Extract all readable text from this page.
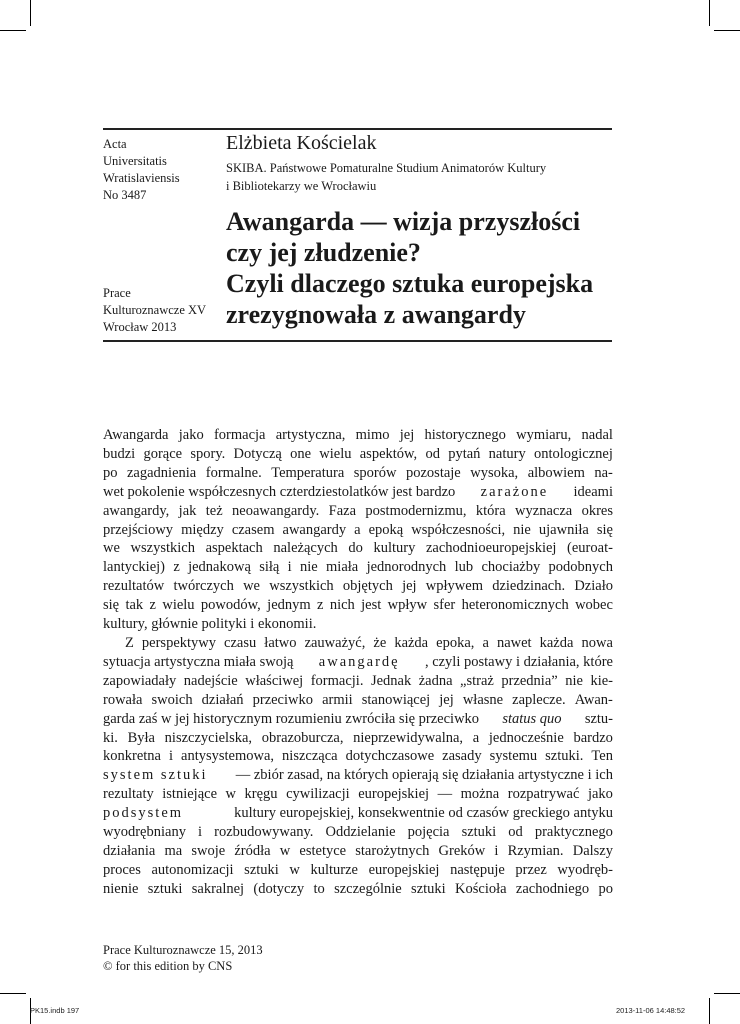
Acta
Universitatis
Wratislaviensis
No 3487
Prace
Kulturoznawcze XV
Wrocław 2013
Elżbieta Kościelak
SKIBA. Państwowe Pomaturalne Studium Animatorów Kultury
i Bibliotekarzy we Wrocławiu
Awangarda — wizja przyszłości
czy jej złudzenie?
Czyli dlaczego sztuka europejska
zrezygnowała z awangardy
Awangarda jako formacja artystyczna, mimo jej historycznego wymiaru, nadal
budzi gorące spory. Dotyczą one wielu aspektów, od pytań natury ontologicznej
po zagadnienia formalne. Temperatura sporów pozostaje wysoka, albowiem na-
wet pokolenie współczesnych czterdziestolatków jest bardzo zarażone ideami
awangardy, jak też neoawangardy. Faza postmodernizmu, która wyznacza okres
przejściowy między czasem awangardy a epoką współczesności, nie ujawniła się
we wszystkich aspektach należących do kultury zachodnioeuropejskiej (euroat-
lantyckiej) z jednakową siłą i nie miała jednorodnych lub chociażby podobnych
rezultatów twórczych we wszystkich objętych jej wpływem dziedzinach. Działo
się tak z wielu powodów, jednym z nich jest wpływ sfer heteronomicznych wobec
kultury, głównie polityki i ekonomii.
Z perspektywy czasu łatwo zauważyć, że każda epoka, a nawet każda nowa
sytuacja artystyczna miała swoją awangardę , czyli postawy i działania, które
zapowiadały nadejście właściwej formacji. Jednak żadna „straż przednia” nie kie-
rowała swoich działań przeciwko armii stanowiącej jej własne zaplecze. Awan-
garda zaś w jej historycznym rozumieniu zwróciła się przeciwko status quo sztu-
ki. Była niszczycielska, obrazoburcza, nieprzewidywalna, a jednocześnie bardzo
konkretna i antysystemowa, niszcząca dotychczasowe zasady systemu sztuki. Ten
system sztuki — zbiór zasad, na których opierają się działania artystyczne i ich
rezultaty istniejące w kręgu cywilizacji europejskiej — można rozpatrywać jako
podsystem	kultury europejskiej, konsekwentnie od czasów greckiego antyku
wyodrębniany i rozbudowywany. Oddzielanie pojęcia sztuki od praktycznego
działania ma swoje źródła w estetyce starożytnych Greków i Rzymian. Dalszy
proces autonomizacji sztuki w kulturze europejskiej następuje przez wyodręb-
nienie sztuki sakralnej (dotyczy to szczególnie sztuki Kościoła zachodniego po
Prace Kulturoznawcze 15, 2013
© for this edition by CNS
PK15.indb 197	2013-11-06 14:48:52
